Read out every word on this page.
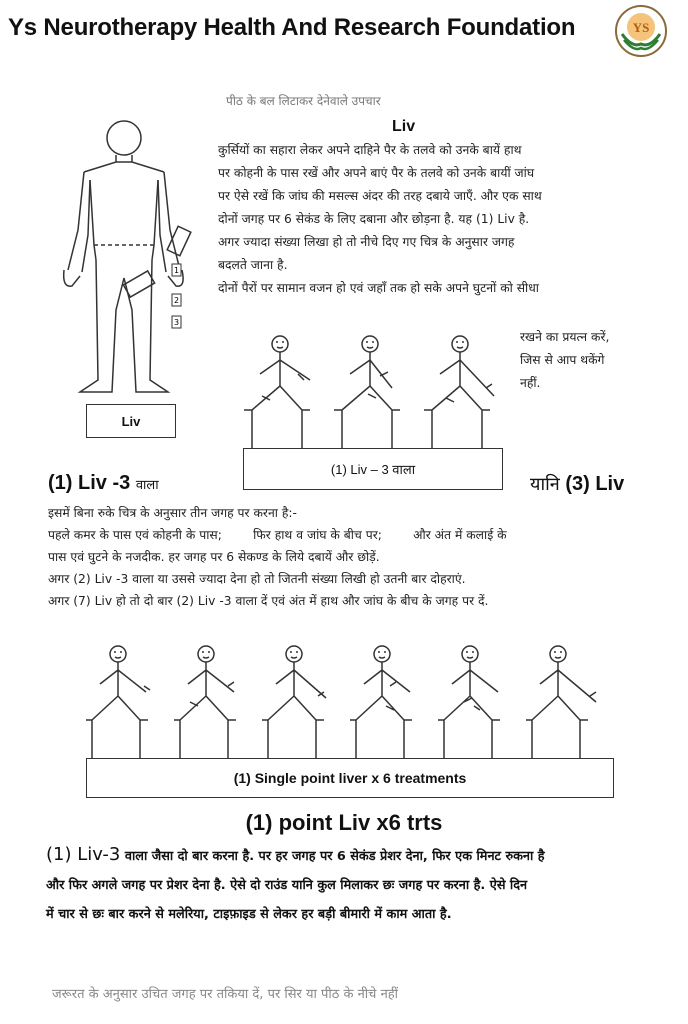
Ys Neurotherapy Health And Research Foundation	YS
पीठ के बल लिटाकर देनेवाले उपचार
Liv
1
2
3
Liv
कुर्सियों का सहारा लेकर अपने दाहिने पैर के तलवे को उनके बायें हाथ
पर कोहनी के पास रखें और अपने बाएं पैर के तलवे को उनके बायीं जांघ
पर ऐसे रखें कि जांघ की मसल्स अंदर की तरह दबाये जाएँ. और एक साथ
दोनों जगह पर 6 सेकंड के लिए दबाना और छोड़ना है. यह (1) Liv है.
अगर ज्यादा संख्या लिखा हो तो नीचे दिए गए चित्र के अनुसार जगह
बदलते जाना है.
दोनों पैरों पर सामान वजन हो एवं जहाँ तक हो सके अपने घुटनों को सीधा
रखने का प्रयत्न करें,
जिस से आप थकेंगे
नहीं.
(1) Liv – 3 वाला
(1) Liv -3 वाला	यानि (3) Liv
इसमें बिना रुके चित्र के अनुसार तीन जगह पर करना है:-
पहले कमर के पास एवं कोहनी के पास;        फिर हाथ व जांघ के बीच पर;        और अंत में कलाई के
पास एवं घुटने के नजदीक. हर जगह पर 6 सेकण्ड के लिये दबायें और छोड़ें.
अगर (2) Liv -3 वाला या उससे ज्यादा देना हो तो जितनी संख्या लिखी हो उतनी बार दोहराएं.
अगर (7) Liv हो तो दो बार (2) Liv -3 वाला दें एवं अंत में हाथ और जांघ के बीच के जगह पर दें.
(1) Single point liver x 6 treatments
(1) point Liv x6 trts
(1) Liv-3 वाला जैसा दो बार करना है. पर हर जगह पर 6 सेकंड प्रेशर देना, फिर एक मिनट रुकना है
और फिर अगले जगह पर प्रेशर देना है. ऐसे दो राउंड यानि कुल मिलाकर छः जगह पर करना है. ऐसे दिन
में चार से छः बार करने से मलेरिया, टाइफ़ाइड से लेकर हर बड़ी बीमारी में काम आता है.
जरूरत के अनुसार उचित जगह पर तकिया दें, पर सिर या पीठ के नीचे नहीं
